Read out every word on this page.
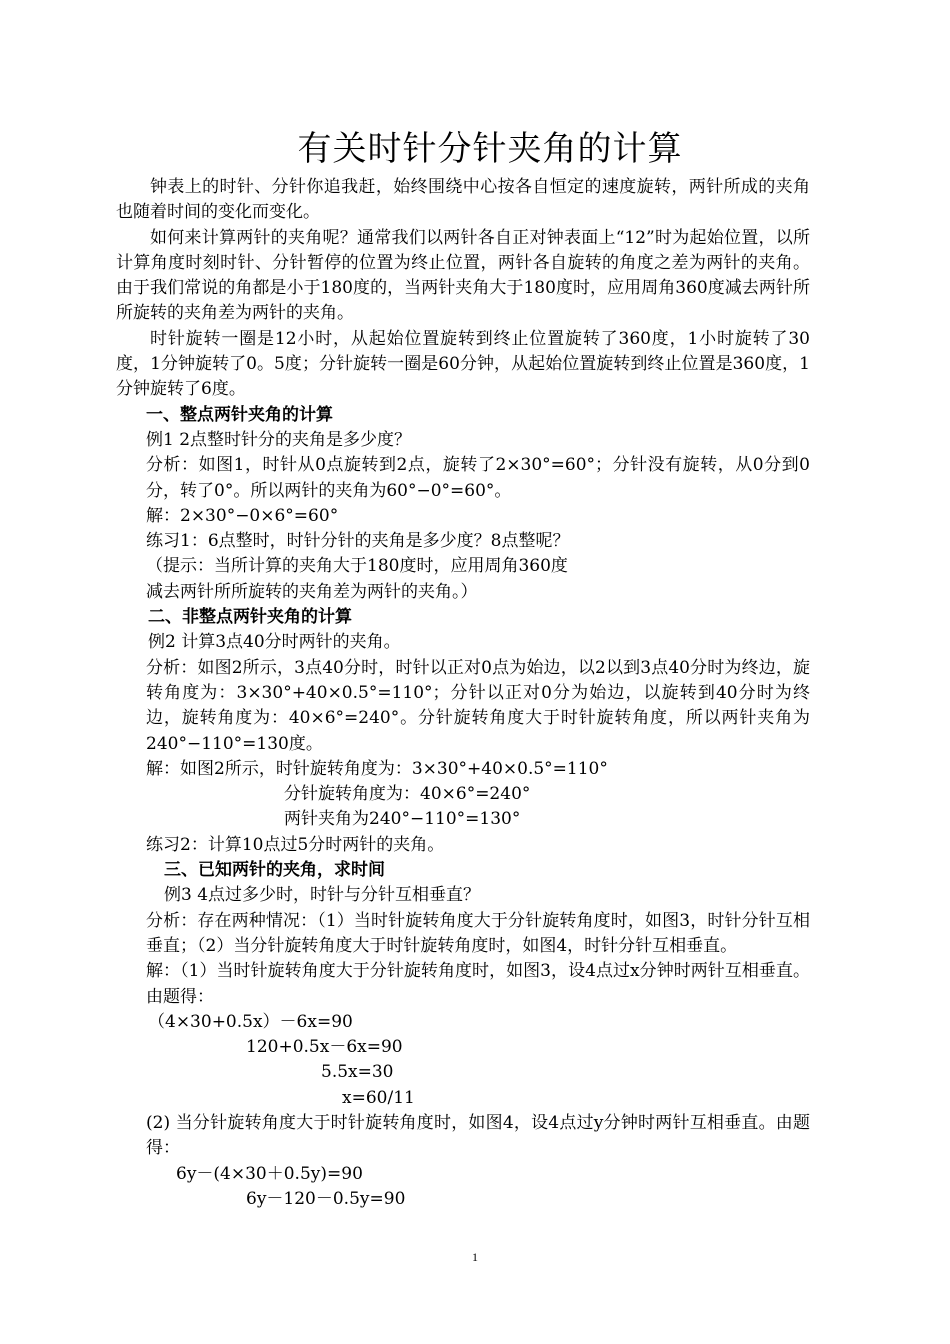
有关时针分针夹角的计算

钟表上的时针、分针你追我赶，始终围绕中心按各自恒定的速度旋转，两针所成的夹角也随着时间的变化而变化。

如何来计算两针的夹角呢？通常我们以两针各自正对钟表面上“12”时为起始位置，以所计算角度时刻时针、分针暂停的位置为终止位置，两针各自旋转的角度之差为两针的夹角。由于我们常说的角都是小于180度的，当两针夹角大于180度时，应用周角360度减去两针所所旋转的夹角差为两针的夹角。

时针旋转一圈是12小时，从起始位置旋转到终止位置旋转了360度，1小时旋转了30度，1分钟旋转了0。5度；分针旋转一圈是60分钟，从起始位置旋转到终止位置是360度，1分钟旋转了6度。

一、整点两针夹角的计算

例1 2点整时针分的夹角是多少度？

分析：如图1，时针从0点旋转到2点，旋转了2×30°=60°；分针没有旋转，从0分到0分，转了0°。所以两针的夹角为60°−0°=60°。

解：2×30°−0×6°=60°

练习1：6点整时，时针分针的夹角是多少度？8点整呢？

（提示：当所计算的夹角大于180度时，应用周角360度

减去两针所所旋转的夹角差为两针的夹角。）

二、非整点两针夹角的计算

例2 计算3点40分时两针的夹角。

分析：如图2所示，3点40分时，时针以正对0点为始边，以2以到3点40分时为终边，旋转角度为：3×30°+40×0.5°=110°；分针以正对0分为始边，以旋转到40分时为终边，旋转角度为：40×6°=240°。分针旋转角度大于时针旋转角度，所以两针夹角为240°−110°=130度。

解：如图2所示，时针旋转角度为：3×30°+40×0.5°=110°

分针旋转角度为：40×6°=240°

两针夹角为240°−110°=130°

练习2：计算10点过5分时两针的夹角。

三、已知两针的夹角，求时间

例3 4点过多少时，时针与分针互相垂直？

分析：存在两种情况：（1）当时针旋转角度大于分针旋转角度时，如图3，时针分针互相垂直；（2）当分针旋转角度大于时针旋转角度时，如图4，时针分针互相垂直。

解：（1）当时针旋转角度大于分针旋转角度时，如图3，设4点过x分钟时两针互相垂直。由题得：

（4×30+0.5x）－6x=90

120+0.5x－6x=90

5.5x=30

x=60/11

(2) 当分针旋转角度大于时针旋转角度时，如图4，设4点过y分钟时两针互相垂直。由题得：

6y－(4×30＋0.5y)=90

6y－120－0.5y=90

1
